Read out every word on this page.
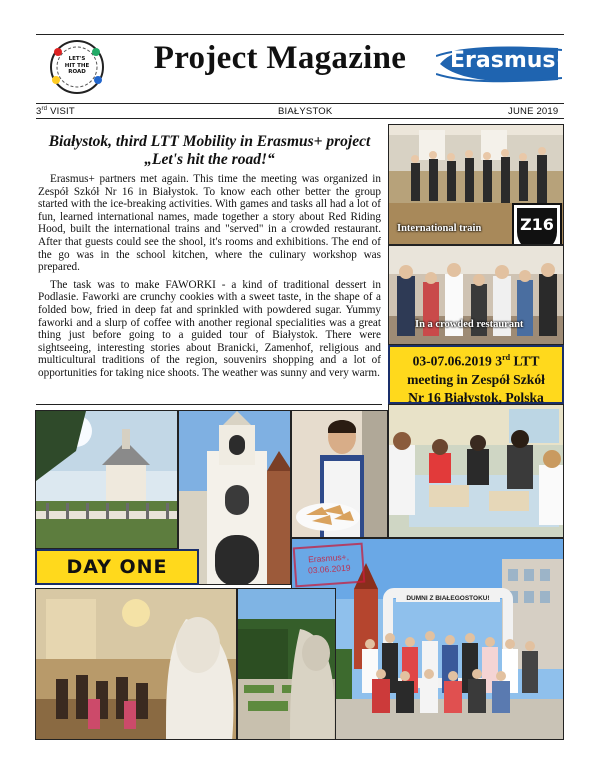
LET'S HIT THE ROAD	Project Magazine	Erasmus+
3rd VISIT	BIAŁYSTOK	JUNE 2019
Białystok, third LTT Mobility in Erasmus+ project
„Let's hit the road!“

Erasmus+ partners met again. This time the meeting was organized in Zespół Szkół Nr 16 in Białystok. To know each other better the group started with the ice-breaking activities. With games and tasks all had a lot of fun, learned international names, made together a story about Red Riding Hood, built the international trains and "served" in a crowded restaurant. After that guests could see the shool, it's rooms and exhibitions. The end of the go was in the school kitchen, where the culinary workshop was prepared.

The task was to make FAWORKI - a kind of traditional dessert in Podlasie. Faworki are crunchy cookies with a sweet taste, in the shape of a folded bow, fried in deep fat and sprinkled with powdered sugar. Yummy faworki and a slurp of coffee with another regional specialities was a great thing just before going to a guided tour of Białystok. There were sightseeing, interesting stories about Branicki, Zamenhof, religious and multicultural traditions of the region, souvenirs shopping and a lot of opportunities for taking nice shoots. The weather was sunny and very warm.

International train Z16
In a crowded restaurant
03-07.06.2019 3rd LTT
meeting in Zespół Szkół
Nr 16 Białystok, Polska
DAY ONE
DUMNI Z BIAŁEGOSTOKU!
Erasmus+,
03.06.2019
